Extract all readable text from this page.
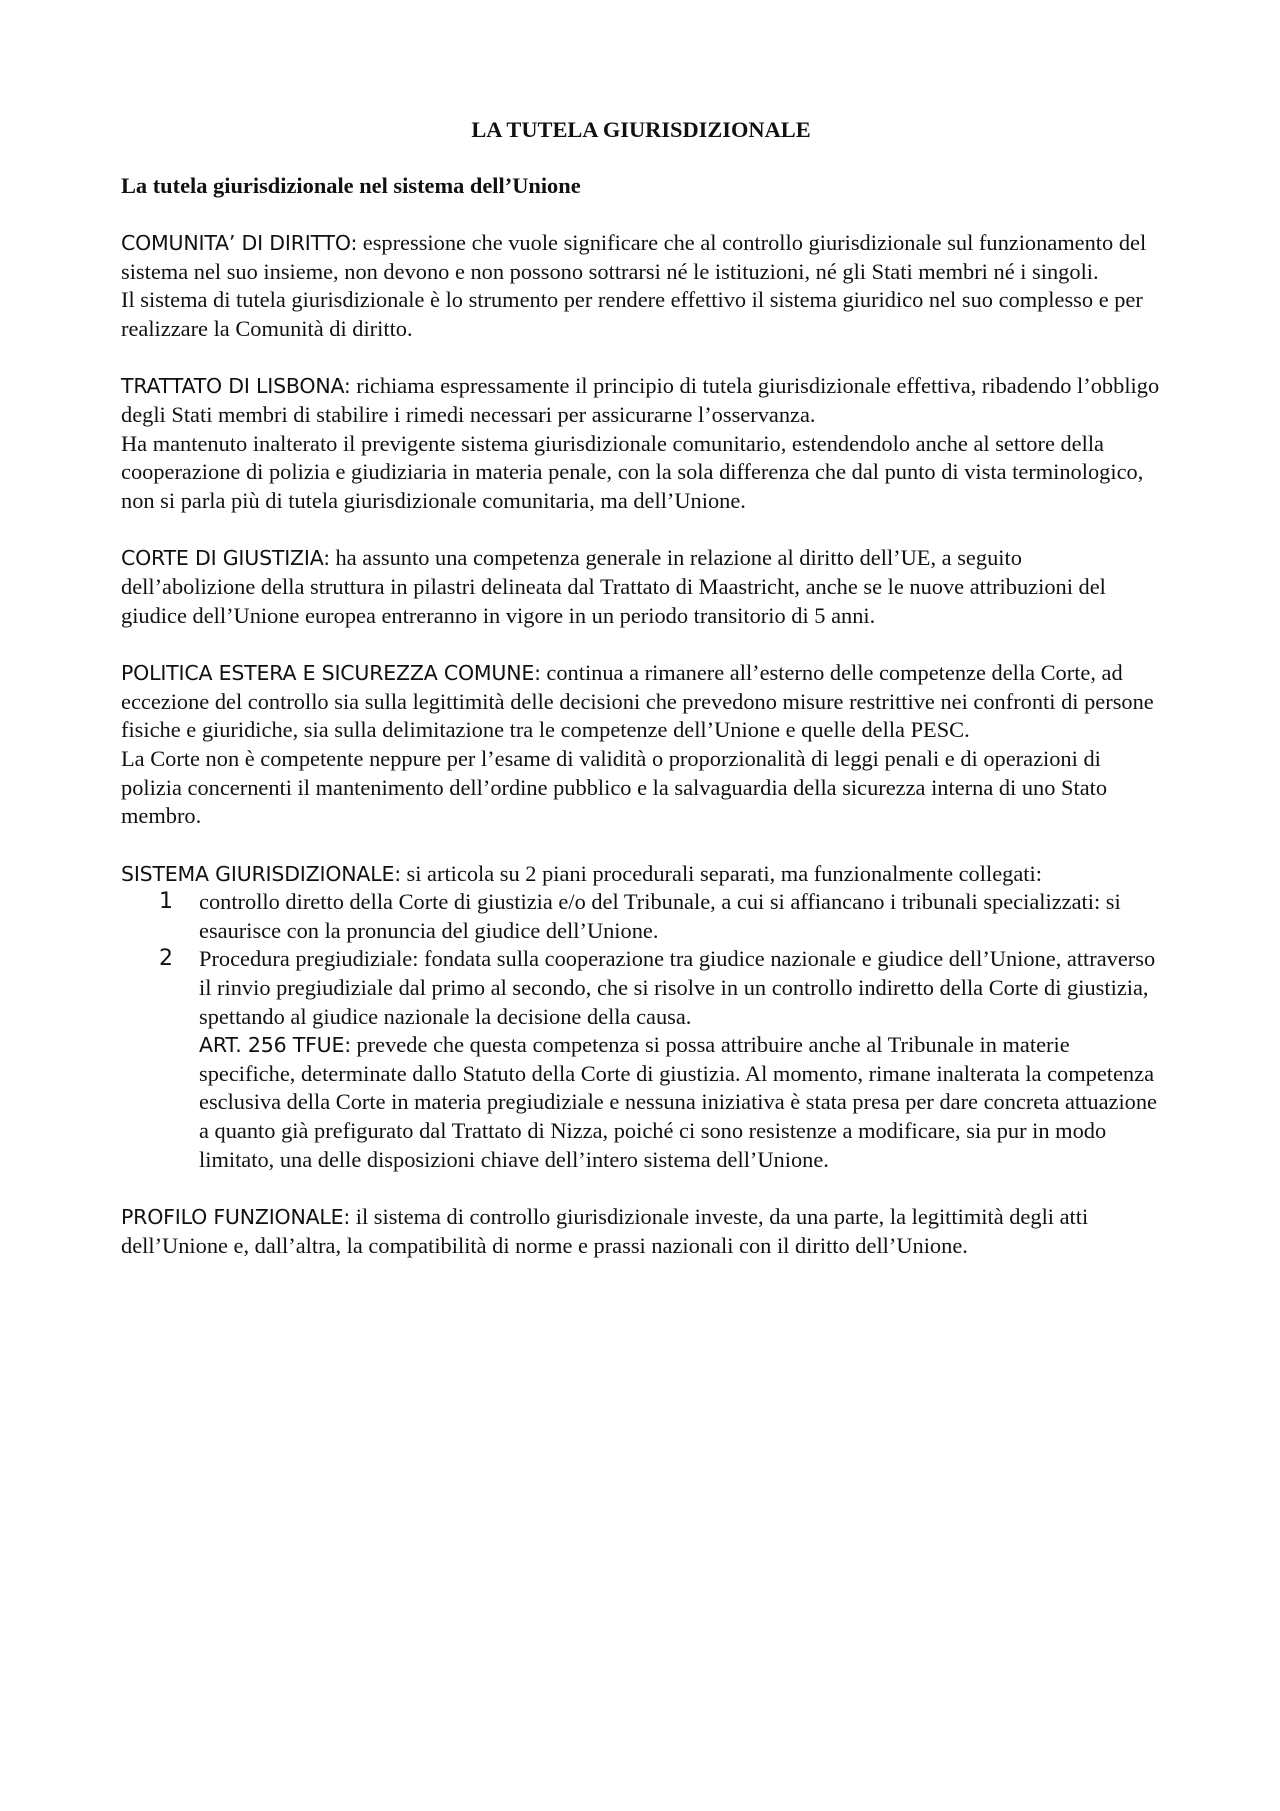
LA TUTELA GIURISDIZIONALE

La tutela giurisdizionale nel sistema dell’Unione

COMUNITA’ DI DIRITTO: espressione che vuole significare che al controllo giurisdizionale sul funzionamento del sistema nel suo insieme, non devono e non possono sottrarsi né le istituzioni, né gli Stati membri né i singoli.

Il sistema di tutela giurisdizionale è lo strumento per rendere effettivo il sistema giuridico nel suo complesso e per realizzare la Comunità di diritto.

TRATTATO DI LISBONA: richiama espressamente il principio di tutela giurisdizionale effettiva, ribadendo l’obbligo degli Stati membri di stabilire i rimedi necessari per assicurarne l’osservanza.

Ha mantenuto inalterato il previgente sistema giurisdizionale comunitario, estendendolo anche al settore della cooperazione di polizia e giudiziaria in materia penale, con la sola differenza che dal punto di vista terminologico, non si parla più di tutela giurisdizionale comunitaria, ma dell’Unione.

CORTE DI GIUSTIZIA: ha assunto una competenza generale in relazione al diritto dell’UE, a seguito dell’abolizione della struttura in pilastri delineata dal Trattato di Maastricht, anche se le nuove attribuzioni del giudice dell’Unione europea entreranno in vigore in un periodo transitorio di 5 anni.

POLITICA ESTERA E SICUREZZA COMUNE: continua a rimanere all’esterno delle competenze della Corte, ad eccezione del controllo sia sulla legittimità delle decisioni che prevedono misure restrittive nei confronti di persone fisiche e giuridiche, sia sulla delimitazione tra le competenze dell’Unione e quelle della PESC.

La Corte non è competente neppure per l’esame di validità o proporzionalità di leggi penali e di operazioni di polizia concernenti il mantenimento dell’ordine pubblico e la salvaguardia della sicurezza interna di uno Stato membro.

SISTEMA GIURISDIZIONALE: si articola su 2 piani procedurali separati, ma funzionalmente collegati:

1 controllo diretto della Corte di giustizia e/o del Tribunale, a cui si affiancano i tribunali specializzati: si esaurisce con la pronuncia del giudice dell’Unione.
2 Procedura pregiudiziale: fondata sulla cooperazione tra giudice nazionale e giudice dell’Unione, attraverso il rinvio pregiudiziale dal primo al secondo, che si risolve in un controllo indiretto della Corte di giustizia, spettando al giudice nazionale la decisione della causa.

ART. 256 TFUE: prevede che questa competenza si possa attribuire anche al Tribunale in materie specifiche, determinate dallo Statuto della Corte di giustizia. Al momento, rimane inalterata la competenza esclusiva della Corte in materia pregiudiziale e nessuna iniziativa è stata presa per dare concreta attuazione a quanto già prefigurato dal Trattato di Nizza, poiché ci sono resistenze a modificare, sia pur in modo limitato, una delle disposizioni chiave dell’intero sistema dell’Unione.

PROFILO FUNZIONALE: il sistema di controllo giurisdizionale investe, da una parte, la legittimità degli atti dell’Unione e, dall’altra, la compatibilità di norme e prassi nazionali con il diritto dell’Unione.
